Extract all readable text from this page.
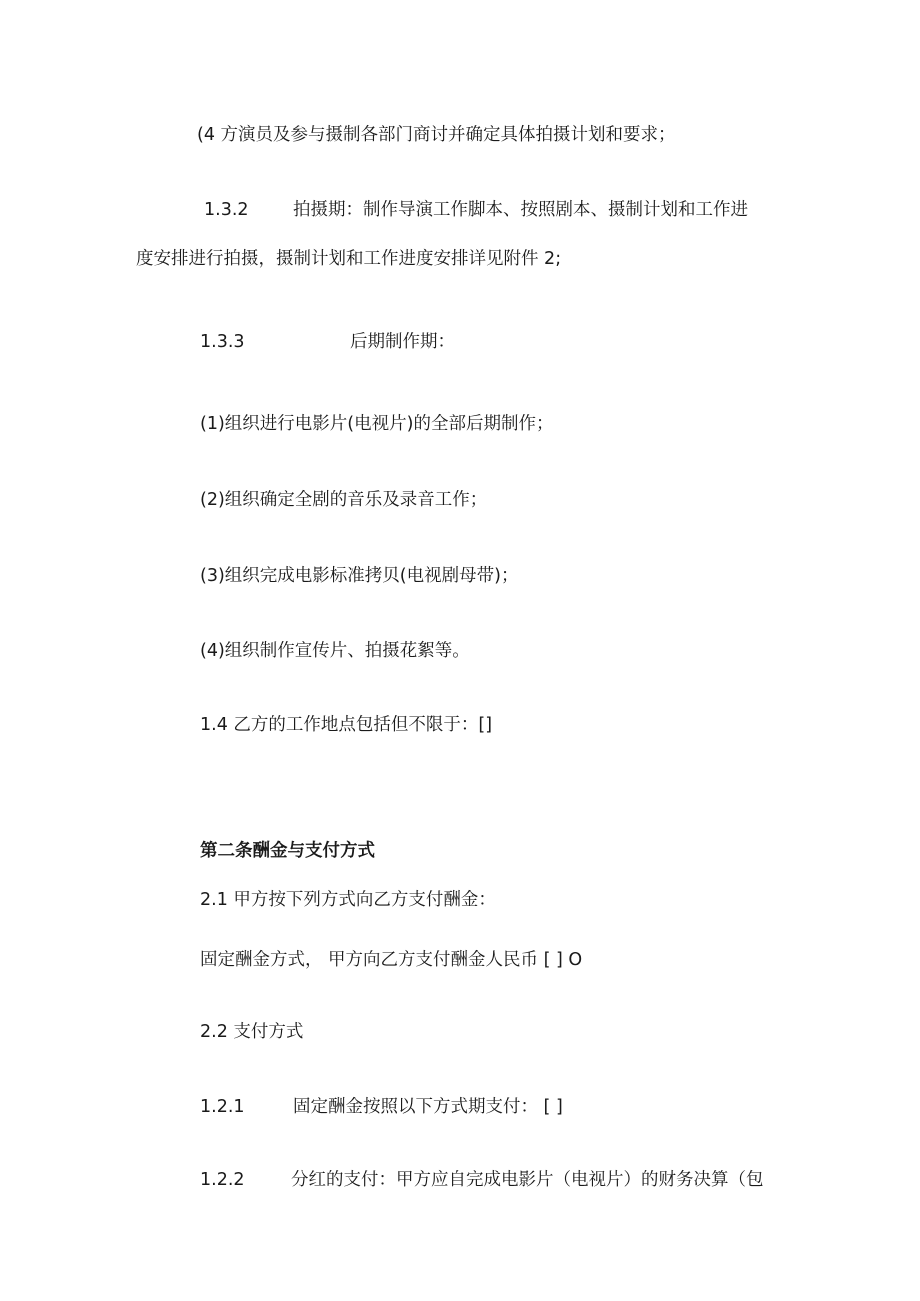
(4 方演员及参与摄制各部门商讨并确定具体拍摄计划和要求；
1.3.2	拍摄期：制作导演工作脚本、按照剧本、摄制计划和工作进
度安排进行拍摄，摄制计划和工作进度安排详见附件 2;
1.3.3	后期制作期：
(1)组织进行电影片(电视片)的全部后期制作；
(2)组织确定全剧的音乐及录音工作；
(3)组织完成电影标准拷贝(电视剧母带)；
(4)组织制作宣传片、拍摄花絮等。
1.4 乙方的工作地点包括但不限于：[]
第二条酬金与支付方式
2.1 甲方按下列方式向乙方支付酬金：
固定酬金方式， 甲方向乙方支付酬金人民币 [ ] O
2.2 支付方式
1.2.1	固定酬金按照以下方式期支付： [ ]
1.2.2	分红的支付：甲方应自完成电影片（电视片）的财务决算（包
